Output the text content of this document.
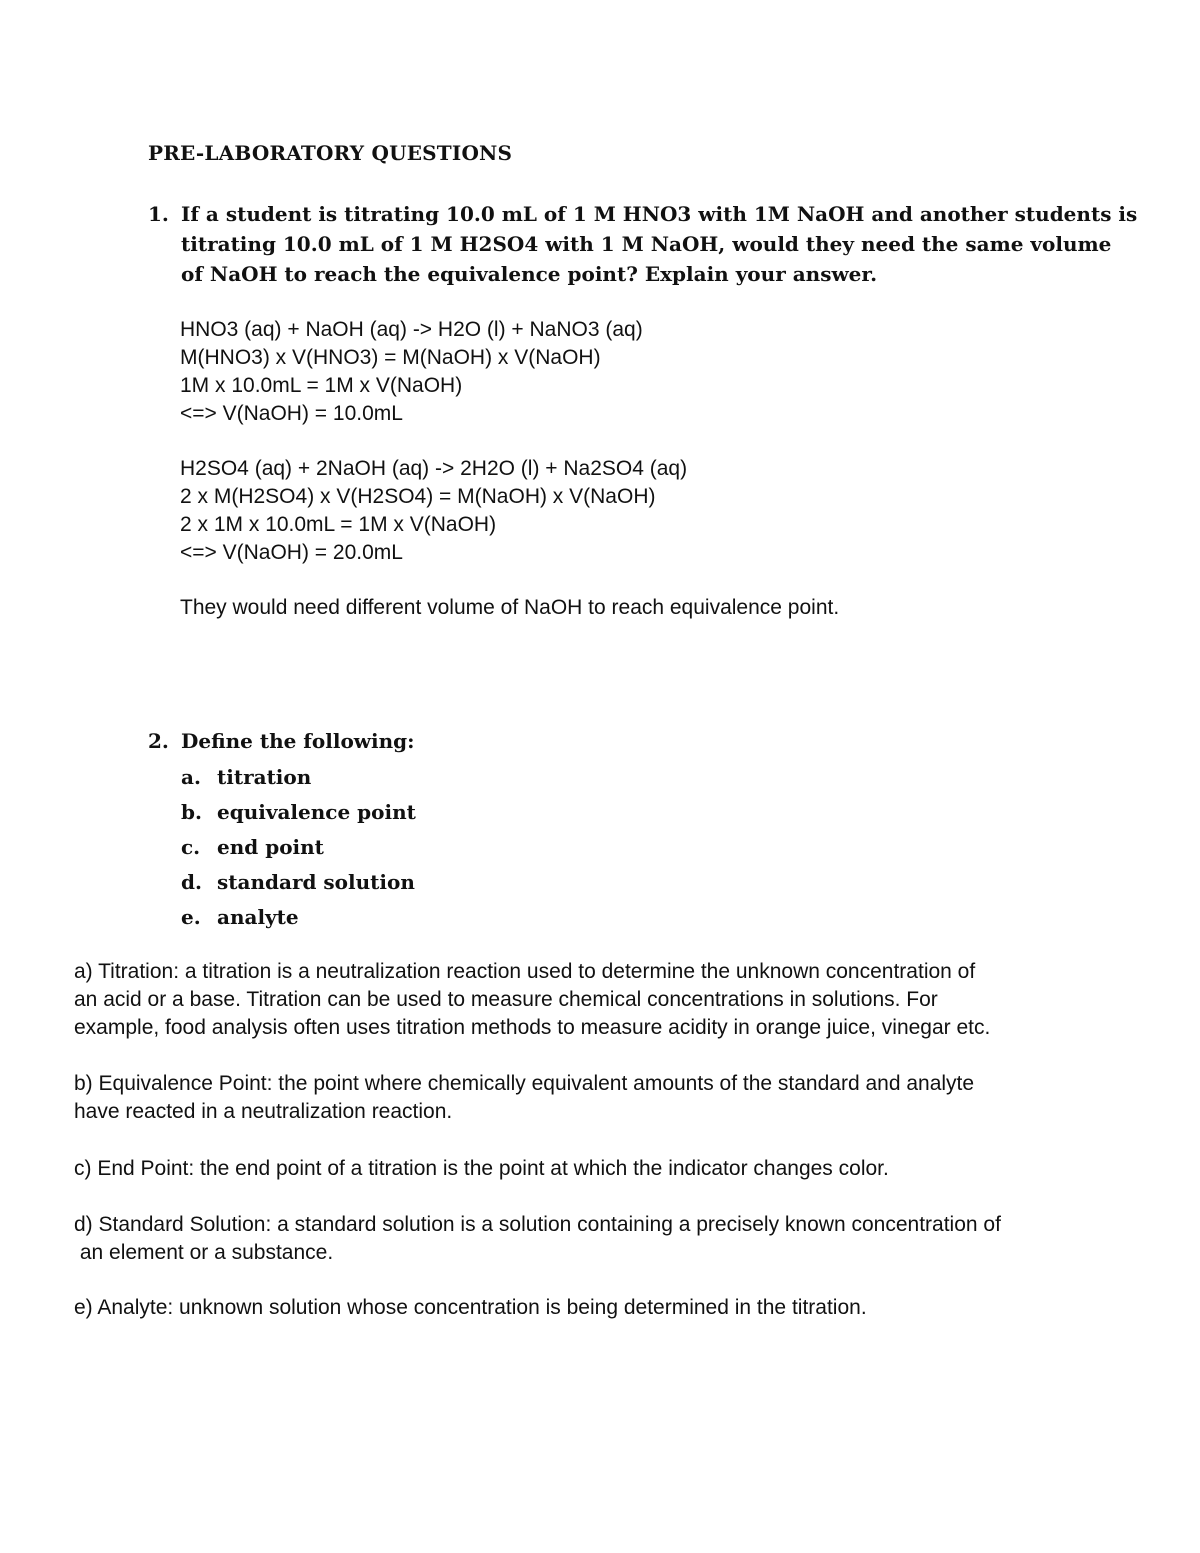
PRE-LABORATORY QUESTIONS
1. If a student is titrating 10.0 mL of 1 M HNO3 with 1M NaOH and another students is
titrating 10.0 mL of 1 M H2SO4 with 1 M NaOH, would they need the same volume
of NaOH to reach the equivalence point? Explain your answer.
HNO3 (aq) + NaOH (aq) -> H2O (l) + NaNO3 (aq)
M(HNO3) x V(HNO3) = M(NaOH) x V(NaOH)
1M x 10.0mL = 1M x V(NaOH)
<=> V(NaOH) = 10.0mL
H2SO4 (aq) + 2NaOH (aq) -> 2H2O (l) + Na2SO4 (aq)
2 x M(H2SO4) x V(H2SO4) = M(NaOH) x V(NaOH)
2 x 1M x 10.0mL = 1M x V(NaOH)
<=> V(NaOH) = 20.0mL
They would need different volume of NaOH to reach equivalence point.
2. Define the following:
a. titration
b. equivalence point
c. end point
d. standard solution
e. analyte
a) Titration: a titration is a neutralization reaction used to determine the unknown concentration of
an acid or a base. Titration can be used to measure chemical concentrations in solutions. For
example, food analysis often uses titration methods to measure acidity in orange juice, vinegar etc.
b) Equivalence Point: the point where chemically equivalent amounts of the standard and analyte
have reacted in a neutralization reaction.
c) End Point: the end point of a titration is the point at which the indicator changes color.
d) Standard Solution: a standard solution is a solution containing a precisely known concentration of
an element or a substance.
e) Analyte: unknown solution whose concentration is being determined in the titration.
